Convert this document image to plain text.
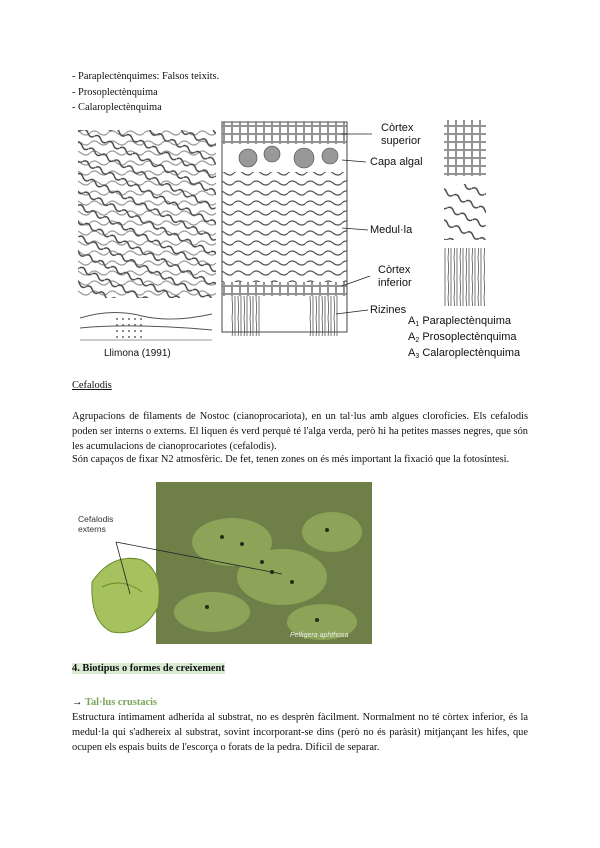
- Paraplectènquimes: Falsos teixits.
- Prosoplectènquima
- Calaroplectènquima
Còrtex superior
Capa algal
Medul·la
Còrtex inferior
Rizines
$A_1$ Paraplectènquima
$A_2$ Prosoplectènquima
$A_3$ Calaroplectènquima
Llimona (1991)
Cefalodis
Agrupacions de filaments de Nostoc (cianoprocariota), en un tal·lus amb algues clorofícies. Els cefalodis poden ser interns o externs. El liquen és verd perquè té l'alga verda, però hi ha petites masses negres, que són les acumulacions de cianoprocariotes (cefalodis).
Són capaços de fixar N2 atmosfèric. De fet, tenen zones on és més important la fixació que la fotosíntesi.
Cefalodis externs
Peltigera aphthosa
4. Biotipus o formes de creixement
→ Tal·lus crustacis
Estructura íntimament adherida al substrat, no es desprèn fàcilment. Normalment no té còrtex inferior, és la medul·la qui s'adhereix al substrat, sovint incorporant-se dins (però no és paràsit) mitjançant les hifes, que ocupen els espais buits de l'escorça o forats de la pedra. Difícil de separar.
